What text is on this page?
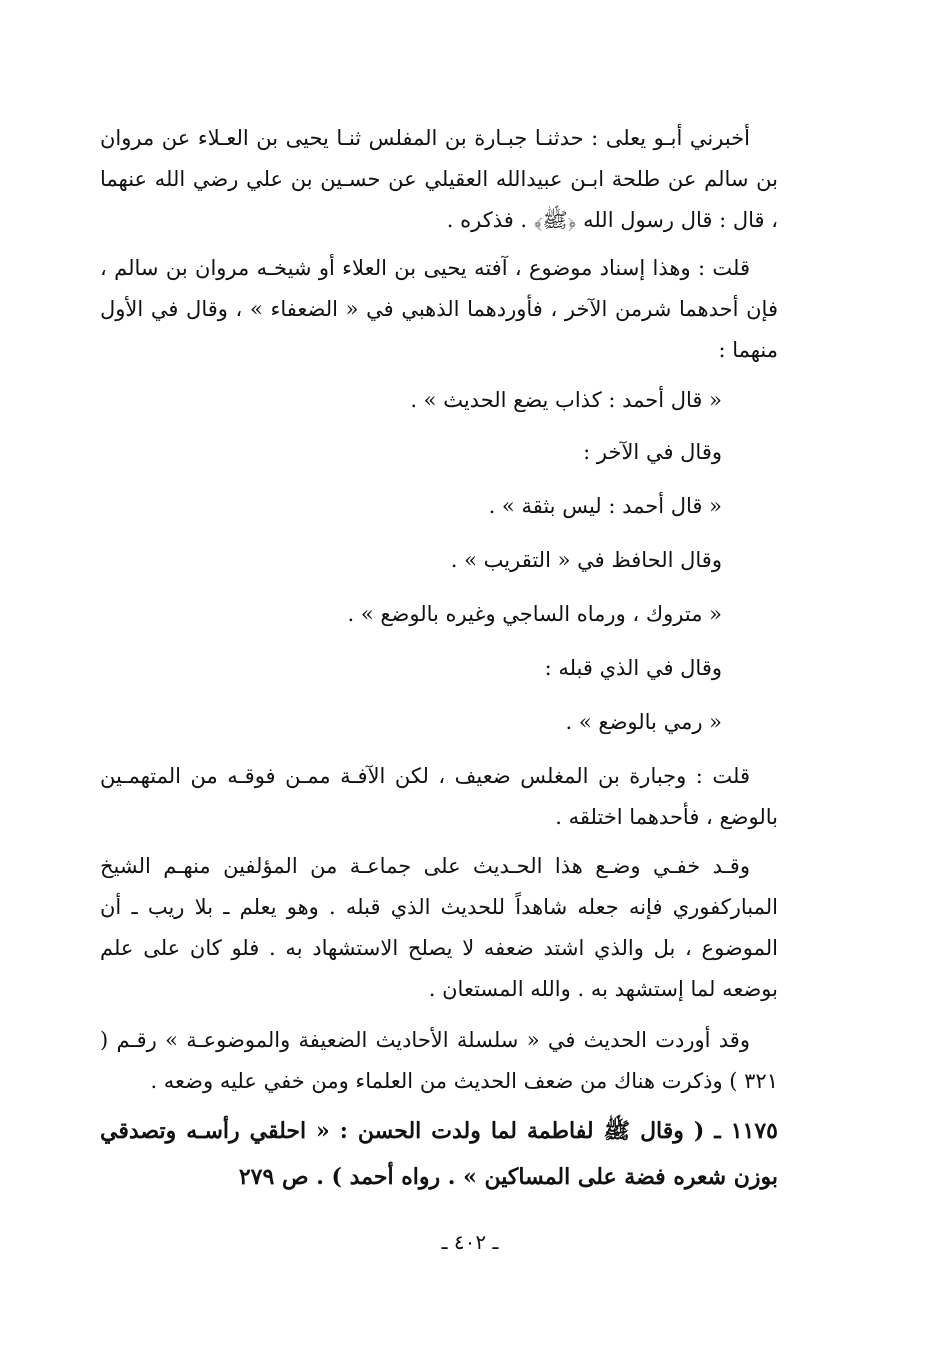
أخبرني أبـو يعلى : حدثنـا جبـارة بن المفلس ثنـا يحيى بن العـلاء عن مروان بن سالم عن طلحة ابـن عبيدالله العقيلي عن حسـين بن علي رضي الله عنهما ، قال : قال رسول الله ﴿ﷺ﴾ . فذكره .

قلت : وهذا إسناد موضوع ، آفته يحيى بن العلاء أو شيخـه مروان بن سالم ، فإن أحدهما شرمن الآخر ، فأوردهما الذهبي في « الضعفاء » ، وقال في الأول منهما :

« قال أحمد : كذاب يضع الحديث » .

وقال في الآخر :

« قال أحمد : ليس بثقة » .

وقال الحافظ في « التقريب » .

« متروك ، ورماه الساجي وغيره بالوضع » .

وقال في الذي قبله :

« رمي بالوضع » .

قلت : وجبارة بن المغلس ضعيف ، لكن الآفـة ممـن فوقـه من المتهمـين بالوضع ، فأحدهما اختلقه .

وقـد خفـي وضـع هذا الحـديث على جماعـة من المؤلفين منهـم الشيخ المباركفوري فإنه جعله شاهداً للحديث الذي قبله . وهو يعلم ـ بلا ريب ـ أن الموضوع ، بل والذي اشتد ضعفه لا يصلح الاستشهاد به . فلو كان على علم بوضعه لما إستشهد به . والله المستعان .

وقد أوردت الحديث في « سلسلة الأحاديث الضعيفة والموضوعـة » رقـم ( ٣٢١ ) وذكرت هناك من ضعف الحديث من العلماء ومن خفي عليه وضعه .

١١٧٥ ـ ( وقال ﷺ لفاطمة لما ولدت الحسن : « احلقي رأسـه وتصدقي بوزن شعره فضة على المساكين » . رواه أحمد ) . ص ٢٧٩

ـ ٤٠٢ ـ
